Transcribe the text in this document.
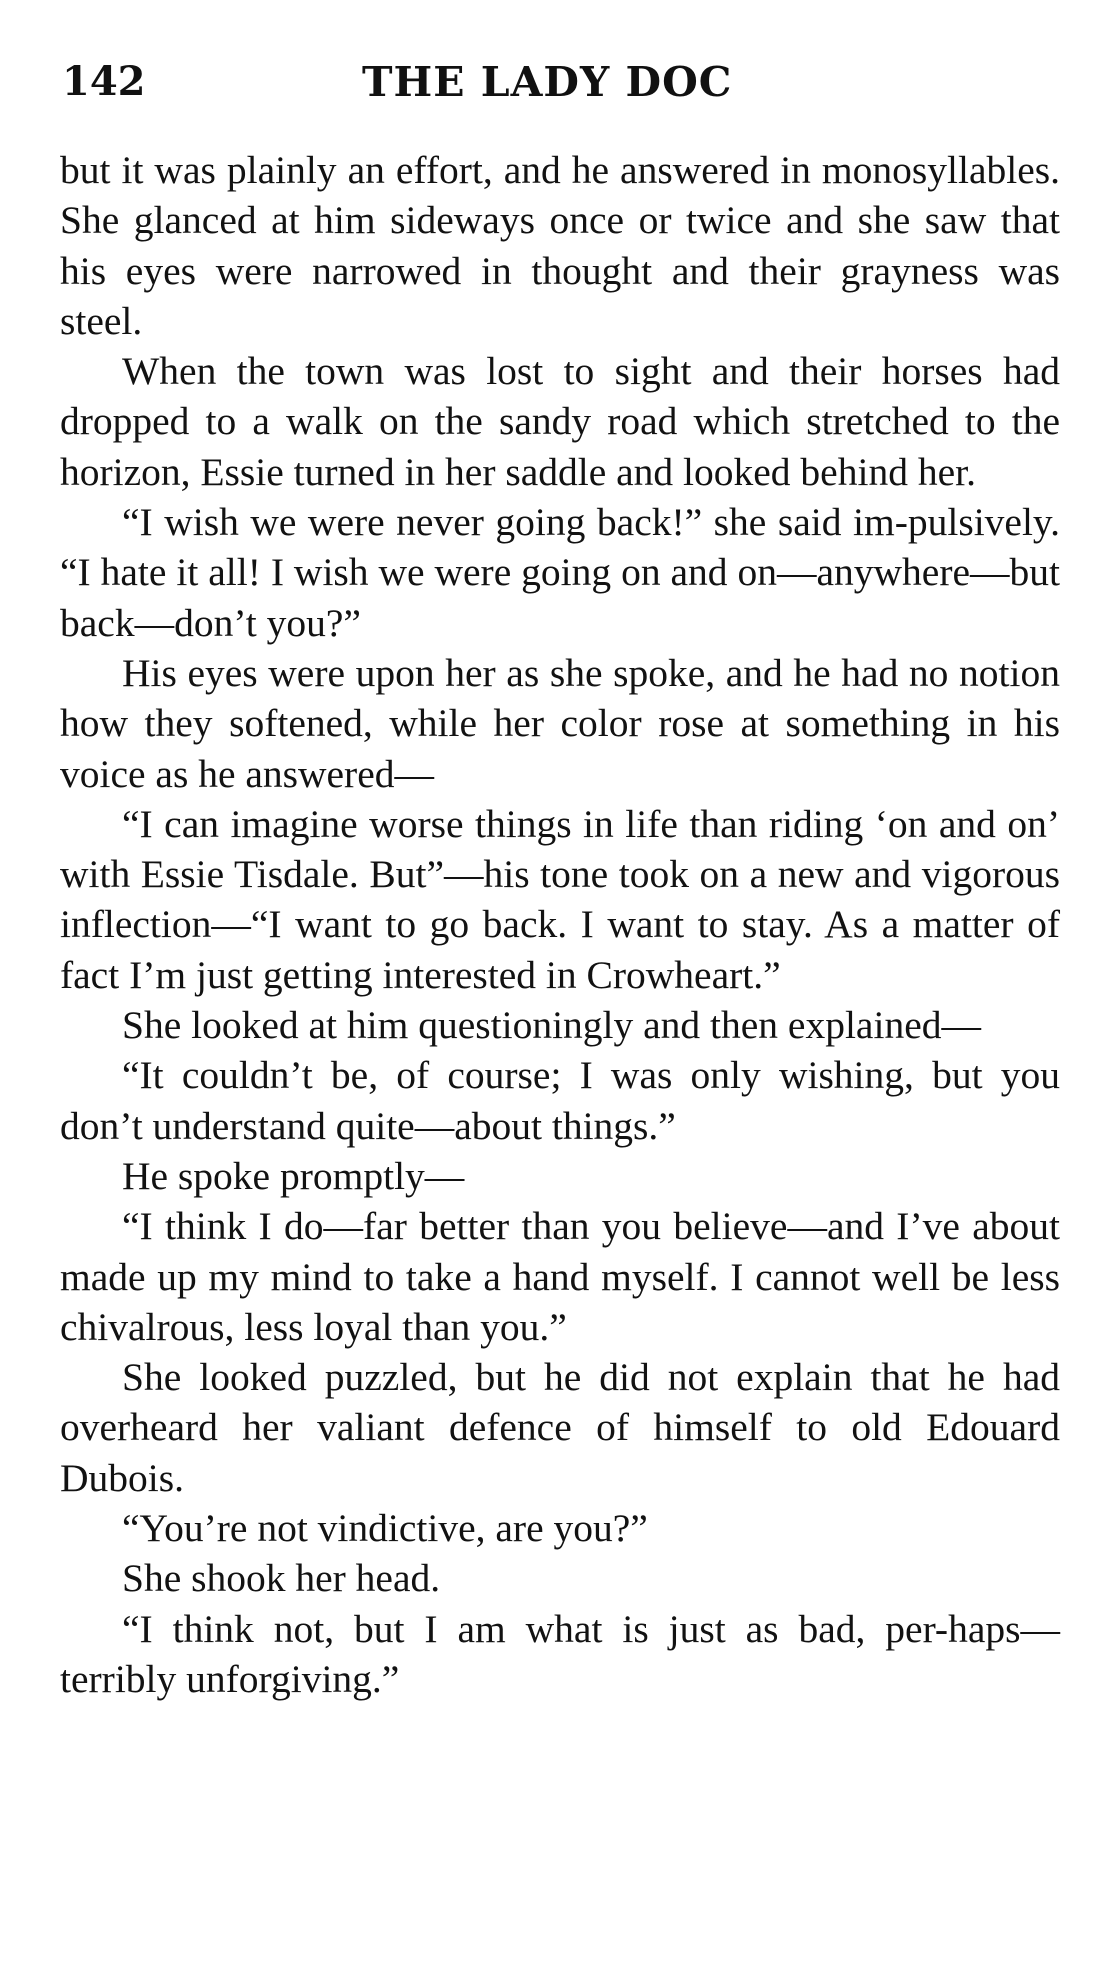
142	THE LADY DOC

but it was plainly an effort, and he answered in monosyllables. She glanced at him sideways once or twice and she saw that his eyes were narrowed in thought and their grayness was steel.

When the town was lost to sight and their horses had dropped to a walk on the sandy road which stretched to the horizon, Essie turned in her saddle and looked behind her.

“I wish we were never going back!” she said im-pulsively. “I hate it all! I wish we were going on and on—anywhere—but back—don’t you?”

His eyes were upon her as she spoke, and he had no notion how they softened, while her color rose at something in his voice as he answered—

“I can imagine worse things in life than riding ‘on and on’ with Essie Tisdale. But”—his tone took on a new and vigorous inflection—“I want to go back. I want to stay. As a matter of fact I’m just getting interested in Crowheart.”

She looked at him questioningly and then explained—

“It couldn’t be, of course; I was only wishing, but you don’t understand quite—about things.”

He spoke promptly—

“I think I do—far better than you believe—and I’ve about made up my mind to take a hand myself. I cannot well be less chivalrous, less loyal than you.”

She looked puzzled, but he did not explain that he had overheard her valiant defence of himself to old Edouard Dubois.

“You’re not vindictive, are you?”

She shook her head.

“I think not, but I am what is just as bad, per-haps—terribly unforgiving.”
